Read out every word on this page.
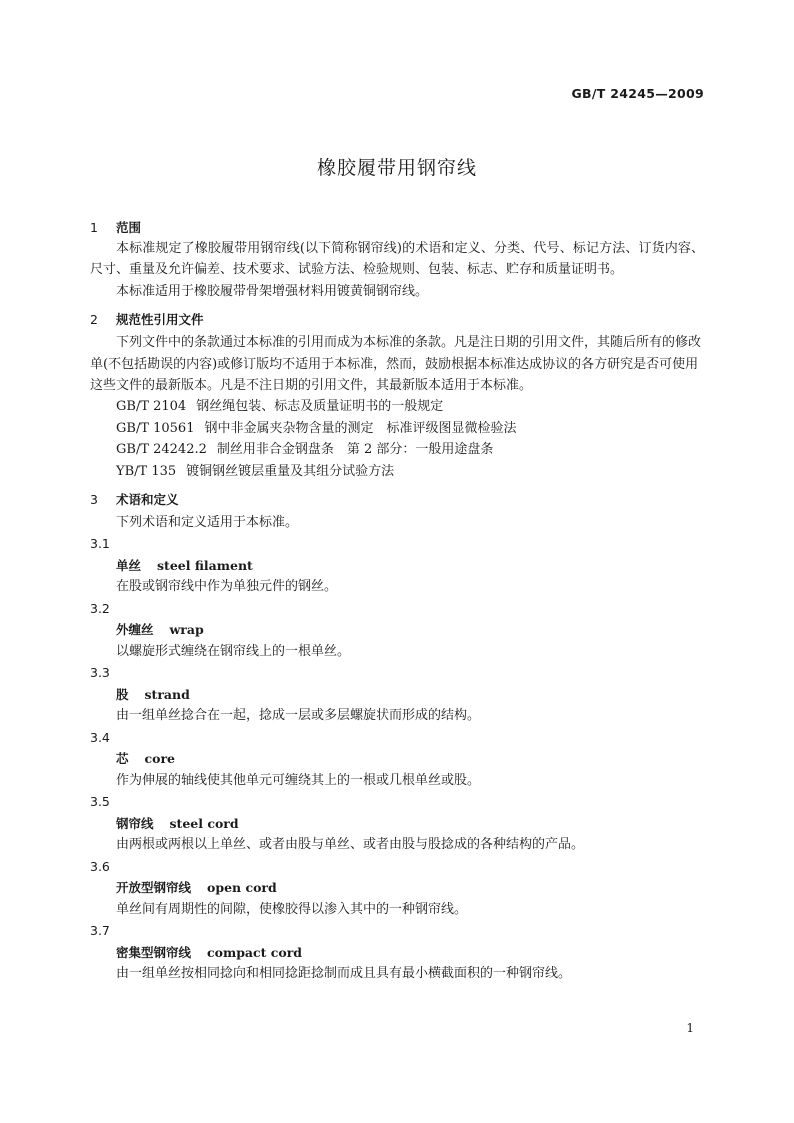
GB/T 24245—2009
橡胶履带用钢帘线
1 范围
本标准规定了橡胶履带用钢帘线(以下简称钢帘线)的术语和定义、分类、代号、标记方法、订货内容、尺寸、重量及允许偏差、技术要求、试验方法、检验规则、包装、标志、贮存和质量证明书。
本标准适用于橡胶履带骨架增强材料用镀黄铜钢帘线。
2 规范性引用文件
下列文件中的条款通过本标准的引用而成为本标准的条款。凡是注日期的引用文件，其随后所有的修改单(不包括勘误的内容)或修订版均不适用于本标准，然而，鼓励根据本标准达成协议的各方研究是否可使用这些文件的最新版本。凡是不注日期的引用文件，其最新版本适用于本标准。
GB/T 2104 钢丝绳包装、标志及质量证明书的一般规定
GB/T 10561 钢中非金属夹杂物含量的测定　标准评级图显微检验法
GB/T 24242.2 制丝用非合金钢盘条　第 2 部分：一般用途盘条
YB/T 135 镀铜钢丝镀层重量及其组分试验方法
3 术语和定义
下列术语和定义适用于本标准。
3.1
单丝 steel filament
在股或钢帘线中作为单独元件的钢丝。
3.2
外缠丝 wrap
以螺旋形式缠绕在钢帘线上的一根单丝。
3.3
股 strand
由一组单丝捻合在一起，捻成一层或多层螺旋状而形成的结构。
3.4
芯 core
作为伸展的轴线使其他单元可缠绕其上的一根或几根单丝或股。
3.5
钢帘线 steel cord
由两根或两根以上单丝、或者由股与单丝、或者由股与股捻成的各种结构的产品。
3.6
开放型钢帘线 open cord
单丝间有周期性的间隙，使橡胶得以渗入其中的一种钢帘线。
3.7
密集型钢帘线 compact cord
由一组单丝按相同捻向和相同捻距捻制而成且具有最小横截面积的一种钢帘线。
1
